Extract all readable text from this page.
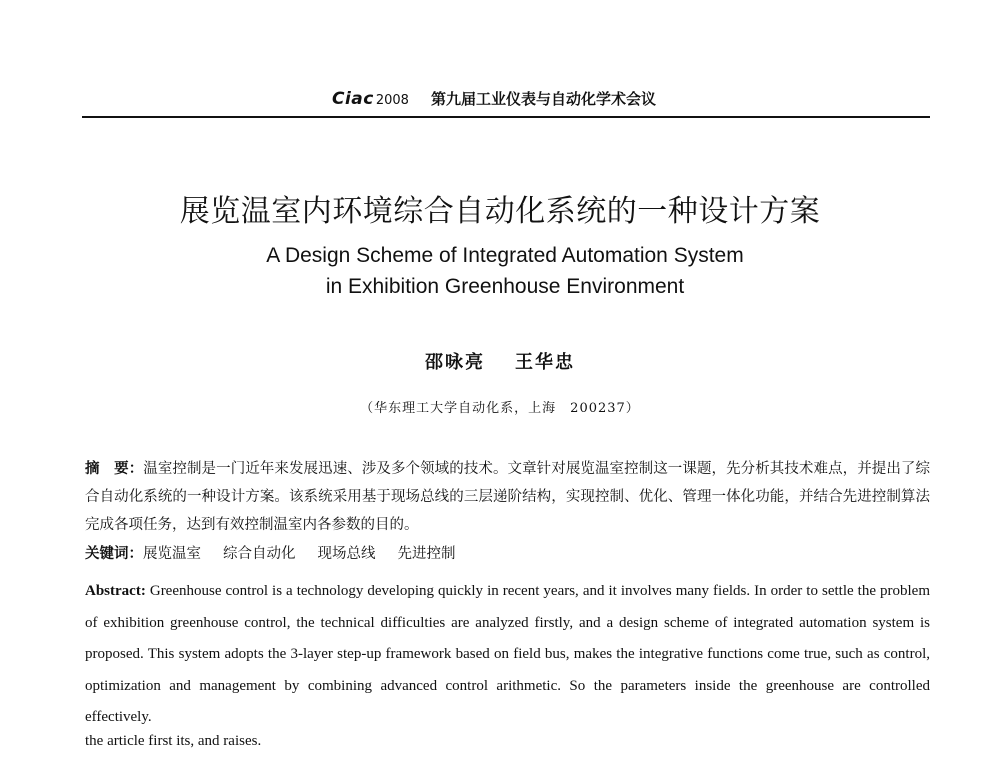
Ciac 2008 第九届工业仪表与自动化学术会议
展览温室内环境综合自动化系统的一种设计方案
A Design Scheme of Integrated Automation System
in Exhibition Greenhouse Environment
邵咏亮 王华忠
（华东理工大学自动化系，上海　200237）
摘　要：温室控制是一门近年来发展迅速、涉及多个领域的技术。文章针对展览温室控制这一课题，先分析其技术难点，并提出了综合自动化系统的一种设计方案。该系统采用基于现场总线的三层递阶结构，实现控制、优化、管理一体化功能，并结合先进控制算法完成各项任务，达到有效控制温室内各参数的目的。
关键词：展览温室 综合自动化 现场总线 先进控制
Abstract: Greenhouse control is a technology developing quickly in recent years, and it involves many fields. In order to settle the problem of exhibition greenhouse control, the technical difficulties are analyzed firstly, and a design scheme of integrated automation system is proposed. This system adopts the 3-layer step-up framework based on field bus, makes the integrative functions come true, such as control, optimization and management by combining advanced control arithmetic. So the parameters inside the greenhouse are controlled effectively.
the article first its, and raises.
